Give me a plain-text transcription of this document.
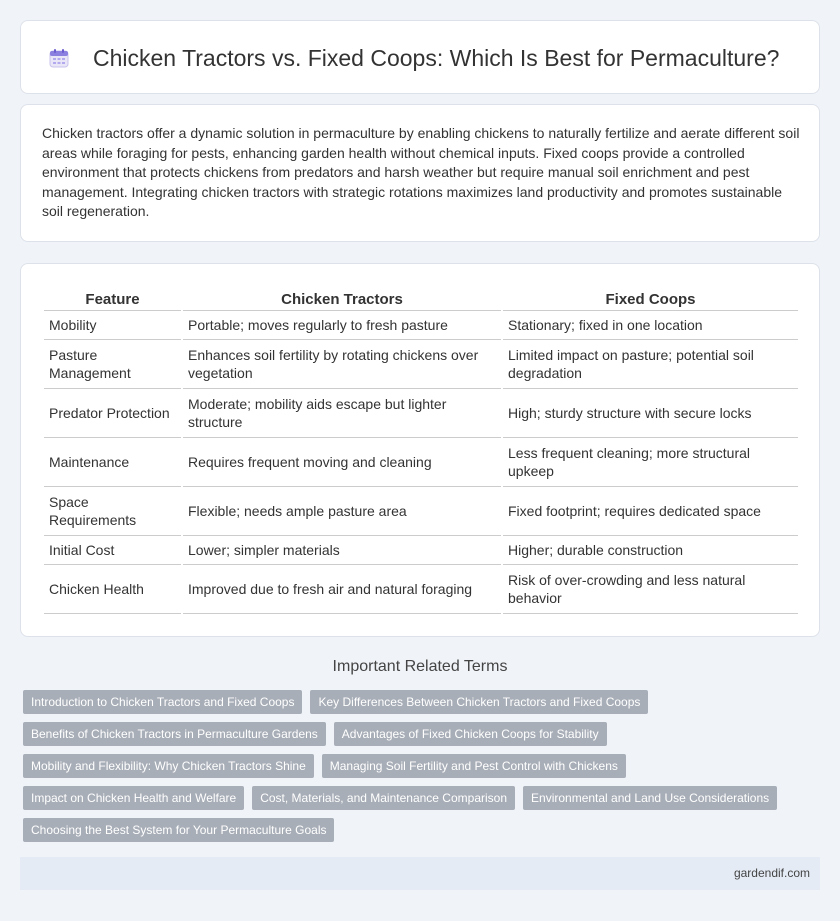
Chicken Tractors vs. Fixed Coops: Which Is Best for Permaculture?

Chicken tractors offer a dynamic solution in permaculture by enabling chickens to naturally fertilize and aerate different soil areas while foraging for pests, enhancing garden health without chemical inputs. Fixed coops provide a controlled environment that protects chickens from predators and harsh weather but require manual soil enrichment and pest management. Integrating chicken tractors with strategic rotations maximizes land productivity and promotes sustainable soil regeneration.

Feature	Chicken Tractors	Fixed Coops
Mobility	Portable; moves regularly to fresh pasture	Stationary; fixed in one location
Pasture Management	Enhances soil fertility by rotating chickens over vegetation	Limited impact on pasture; potential soil degradation
Predator Protection	Moderate; mobility aids escape but lighter structure	High; sturdy structure with secure locks
Maintenance	Requires frequent moving and cleaning	Less frequent cleaning; more structural upkeep
Space Requirements	Flexible; needs ample pasture area	Fixed footprint; requires dedicated space
Initial Cost	Lower; simpler materials	Higher; durable construction
Chicken Health	Improved due to fresh air and natural foraging	Risk of over-crowding and less natural behavior
Important Related Terms
Introduction to Chicken Tractors and Fixed Coops	Key Differences Between Chicken Tractors and Fixed Coops
Benefits of Chicken Tractors in Permaculture Gardens	Advantages of Fixed Chicken Coops for Stability
Mobility and Flexibility: Why Chicken Tractors Shine	Managing Soil Fertility and Pest Control with Chickens
Impact on Chicken Health and Welfare	Cost, Materials, and Maintenance Comparison	Environmental and Land Use Considerations
Choosing the Best System for Your Permaculture Goals
gardendif.com
